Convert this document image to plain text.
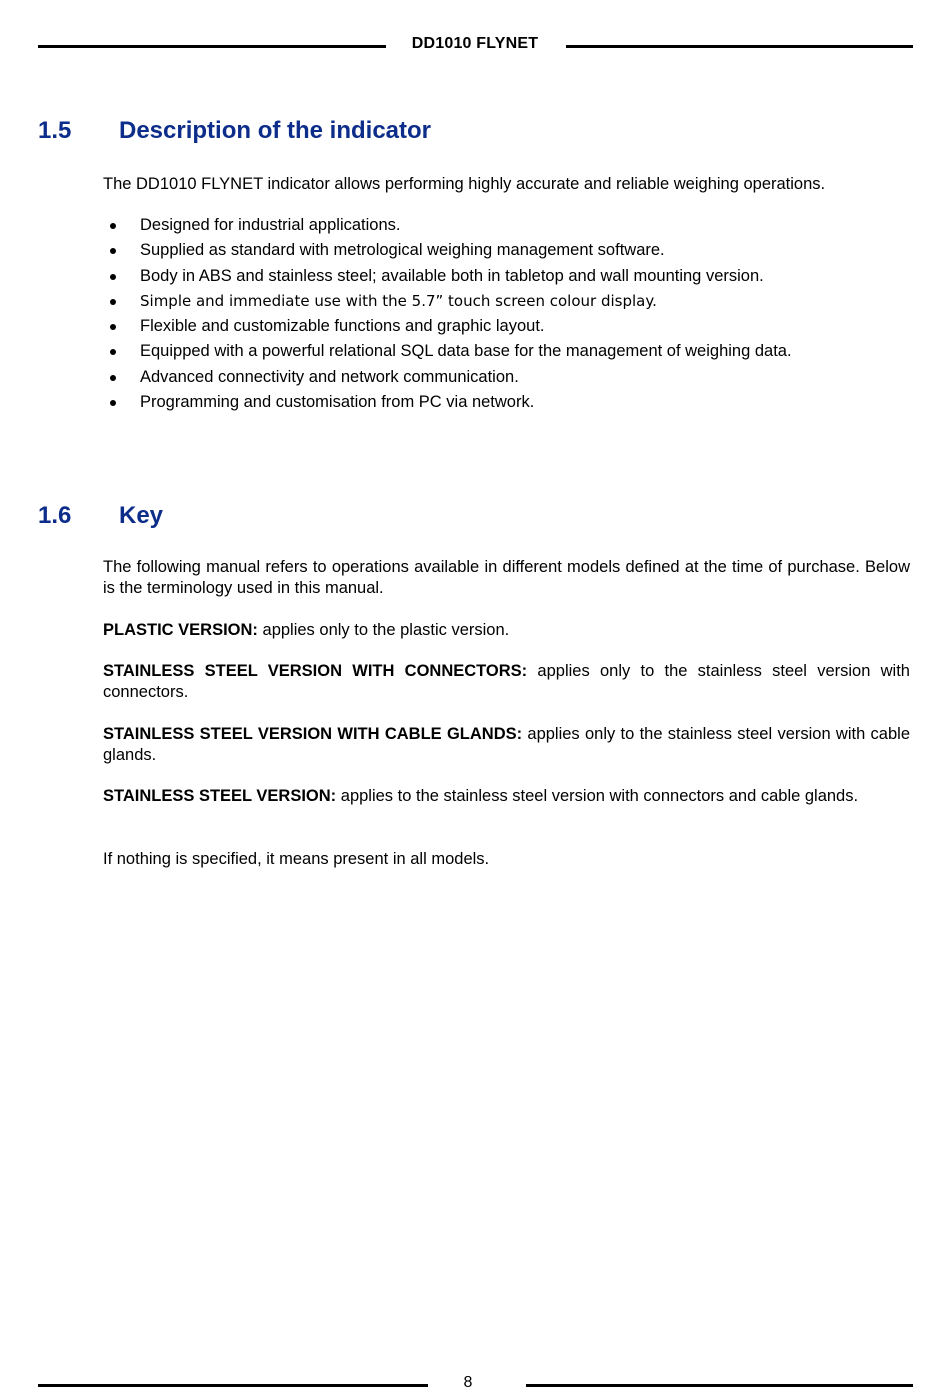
DD1010 FLYNET
1.5 Description of the indicator

The DD1010 FLYNET indicator allows performing highly accurate and reliable weighing operations.

Designed for industrial applications.
Supplied as standard with metrological weighing management software.
Body in ABS and stainless steel; available both in tabletop and wall mounting version.
Simple and immediate use with the 5.7” touch screen colour display.
Flexible and customizable functions and graphic layout.
Equipped with a powerful relational SQL data base for the management of weighing data.
Advanced connectivity and network communication.
Programming and customisation from PC via network.
1.6 Key

The following manual refers to operations available in different models defined at the time of purchase. Below is the terminology used in this manual.

PLASTIC VERSION: applies only to the plastic version.

STAINLESS STEEL VERSION WITH CONNECTORS: applies only to the stainless steel version with connectors.

STAINLESS STEEL VERSION WITH CABLE GLANDS: applies only to the stainless steel version with cable glands.

STAINLESS STEEL VERSION: applies to the stainless steel version with connectors and cable glands.

If nothing is specified, it means present in all models.

8
